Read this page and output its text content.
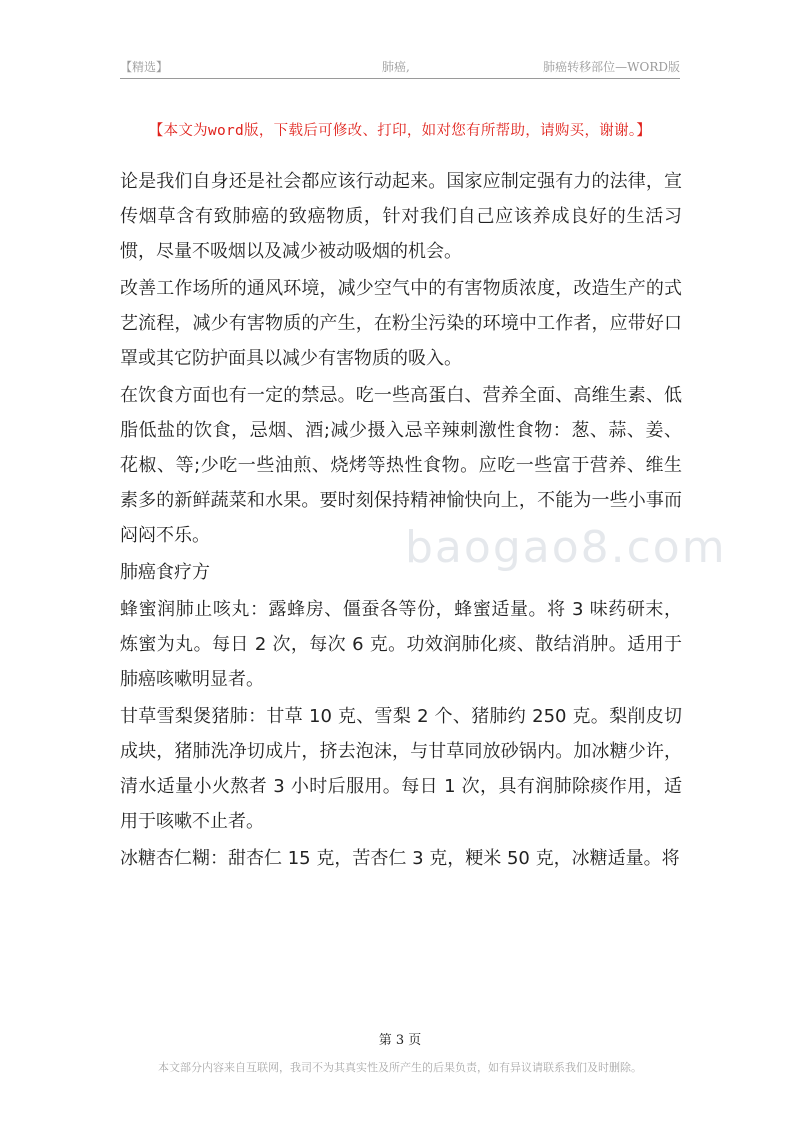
【精选】	肺癌,	肺癌转移部位—WORD版
【本文为word版，下载后可修改、打印，如对您有所帮助，请购买，谢谢。】

论是我们自身还是社会都应该行动起来。国家应制定强有力的法律，宣传烟草含有致肺癌的致癌物质，针对我们自己应该养成良好的生活习惯，尽量不吸烟以及减少被动吸烟的机会。

改善工作场所的通风环境，减少空气中的有害物质浓度，改造生产的式艺流程，减少有害物质的产生，在粉尘污染的环境中工作者，应带好口罩或其它防护面具以减少有害物质的吸入。

在饮食方面也有一定的禁忌。吃一些高蛋白、营养全面、高维生素、低脂低盐的饮食，忌烟、酒;减少摄入忌辛辣刺激性食物：葱、蒜、姜、花椒、等;少吃一些油煎、烧烤等热性食物。应吃一些富于营养、维生素多的新鲜蔬菜和水果。要时刻保持精神愉快向上，不能为一些小事而闷闷不乐。

肺癌食疗方

蜂蜜润肺止咳丸：露蜂房、僵蚕各等份，蜂蜜适量。将 3 味药研末，炼蜜为丸。每日 2 次，每次 6 克。功效润肺化痰、散结消肿。适用于肺癌咳嗽明显者。

甘草雪梨煲猪肺：甘草 10 克、雪梨 2 个、猪肺约 250 克。梨削皮切成块，猪肺洗净切成片，挤去泡沫，与甘草同放砂锅内。加冰糖少许，清水适量小火熬者 3 小时后服用。每日 1 次，具有润肺除痰作用，适用于咳嗽不止者。

冰糖杏仁糊：甜杏仁 15 克，苦杏仁 3 克，粳米 50 克，冰糖适量。将

baogao8.com
第 3 页
本文部分内容来自互联网，我司不为其真实性及所产生的后果负责，如有异议请联系我们及时删除。
